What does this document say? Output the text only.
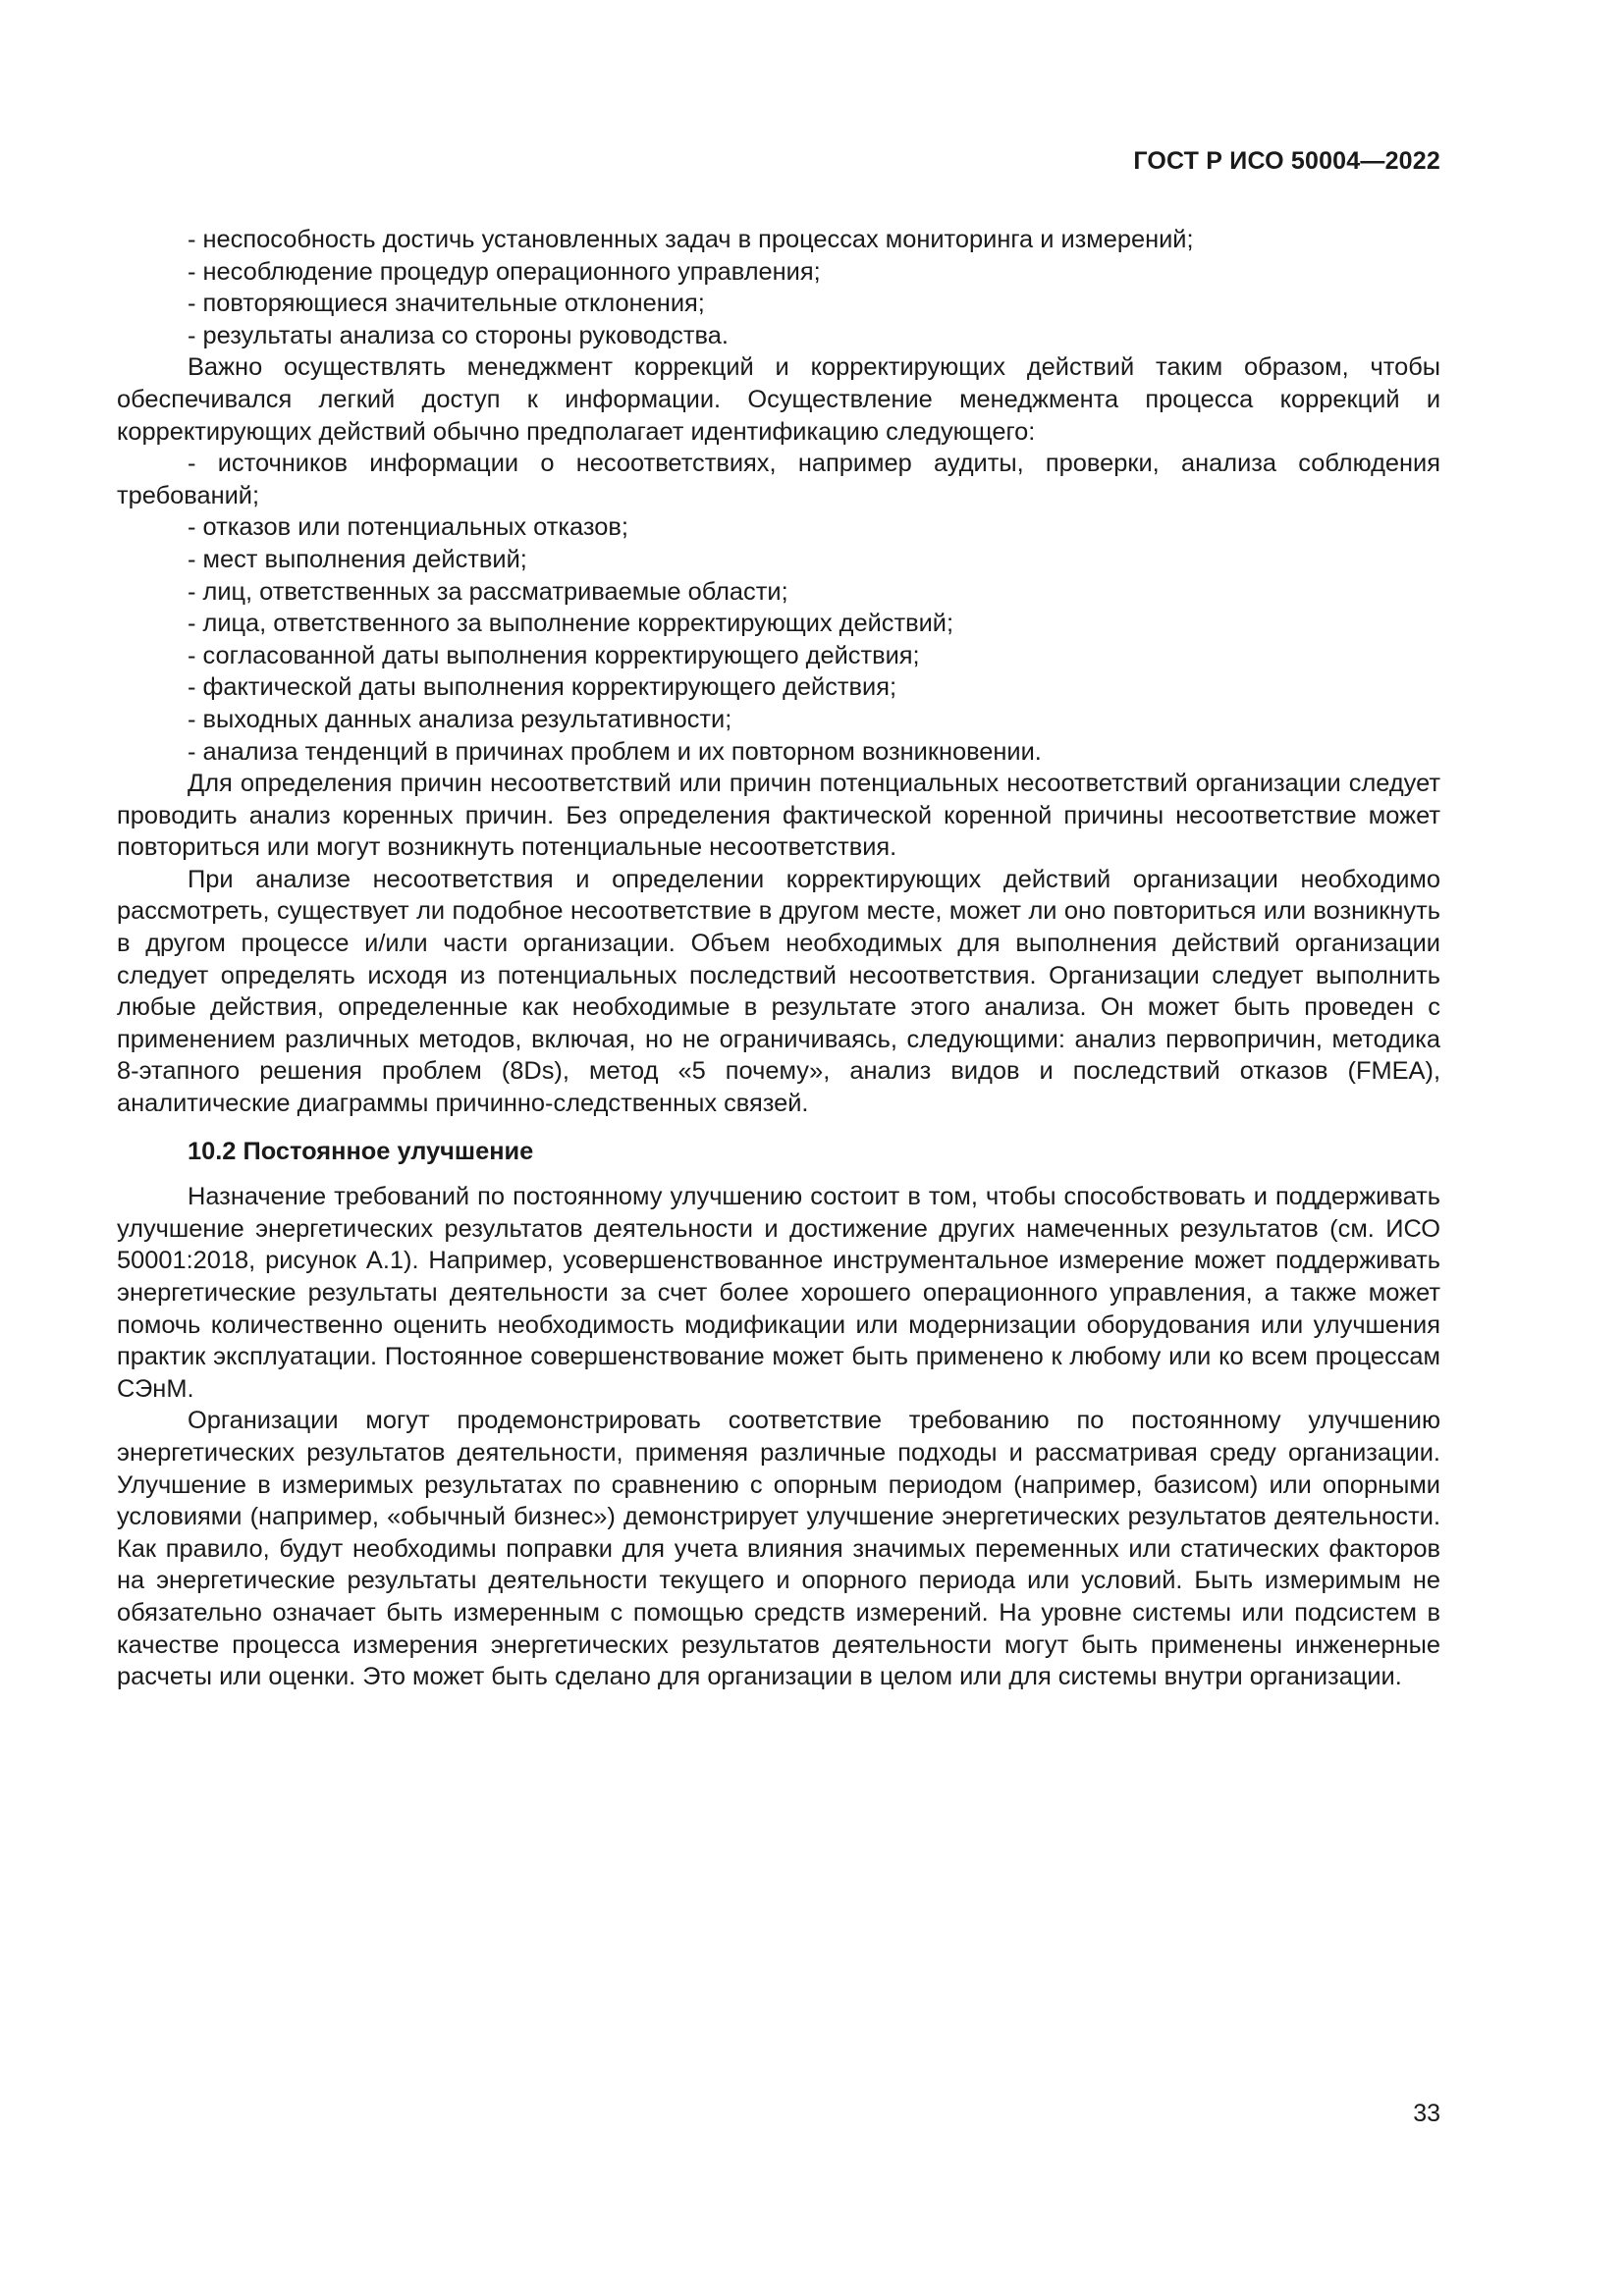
ГОСТ Р ИСО 50004—2022
- неспособность достичь установленных задач в процессах мониторинга и измерений;
- несоблюдение процедур операционного управления;
- повторяющиеся значительные отклонения;
- результаты анализа со стороны руководства.

Важно осуществлять менеджмент коррекций и корректирующих действий таким образом, чтобы обеспечивался легкий доступ к информации. Осуществление менеджмента процесса коррекций и корректирующих действий обычно предполагает идентификацию следующего:

- источников информации о несоответствиях, например аудиты, проверки, анализа соблюдения требований;
- отказов или потенциальных отказов;
- мест выполнения действий;
- лиц, ответственных за рассматриваемые области;
- лица, ответственного за выполнение корректирующих действий;
- согласованной даты выполнения корректирующего действия;
- фактической даты выполнения корректирующего действия;
- выходных данных анализа результативности;
- анализа тенденций в причинах проблем и их повторном возникновении.

Для определения причин несоответствий или причин потенциальных несоответствий организации следует проводить анализ коренных причин. Без определения фактической коренной причины несоответствие может повториться или могут возникнуть потенциальные несоответствия.

При анализе несоответствия и определении корректирующих действий организации необходимо рассмотреть, существует ли подобное несоответствие в другом месте, может ли оно повториться или возникнуть в другом процессе и/или части организации. Объем необходимых для выполнения действий организации следует определять исходя из потенциальных последствий несоответствия. Организации следует выполнить любые действия, определенные как необходимые в результате этого анализа. Он может быть проведен с применением различных методов, включая, но не ограничиваясь, следующими: анализ первопричин, методика 8-этапного решения проблем (8Ds), метод «5 почему», анализ видов и последствий отказов (FMEA), аналитические диаграммы причинно-следственных связей.

10.2 Постоянное улучшение

Назначение требований по постоянному улучшению состоит в том, чтобы способствовать и поддерживать улучшение энергетических результатов деятельности и достижение других намеченных результатов (см. ИСО 50001:2018, рисунок А.1). Например, усовершенствованное инструментальное измерение может поддерживать энергетические результаты деятельности за счет более хорошего операционного управления, а также может помочь количественно оценить необходимость модификации или модернизации оборудования или улучшения практик эксплуатации. Постоянное совершенствование может быть применено к любому или ко всем процессам СЭнМ.

Организации могут продемонстрировать соответствие требованию по постоянному улучшению энергетических результатов деятельности, применяя различные подходы и рассматривая среду организации. Улучшение в измеримых результатах по сравнению с опорным периодом (например, базисом) или опорными условиями (например, «обычный бизнес») демонстрирует улучшение энергетических результатов деятельности. Как правило, будут необходимы поправки для учета влияния значимых переменных или статических факторов на энергетические результаты деятельности текущего и опорного периода или условий. Быть измеримым не обязательно означает быть измеренным с помощью средств измерений. На уровне системы или подсистем в качестве процесса измерения энергетических результатов деятельности могут быть применены инженерные расчеты или оценки. Это может быть сделано для организации в целом или для системы внутри организации.

33
